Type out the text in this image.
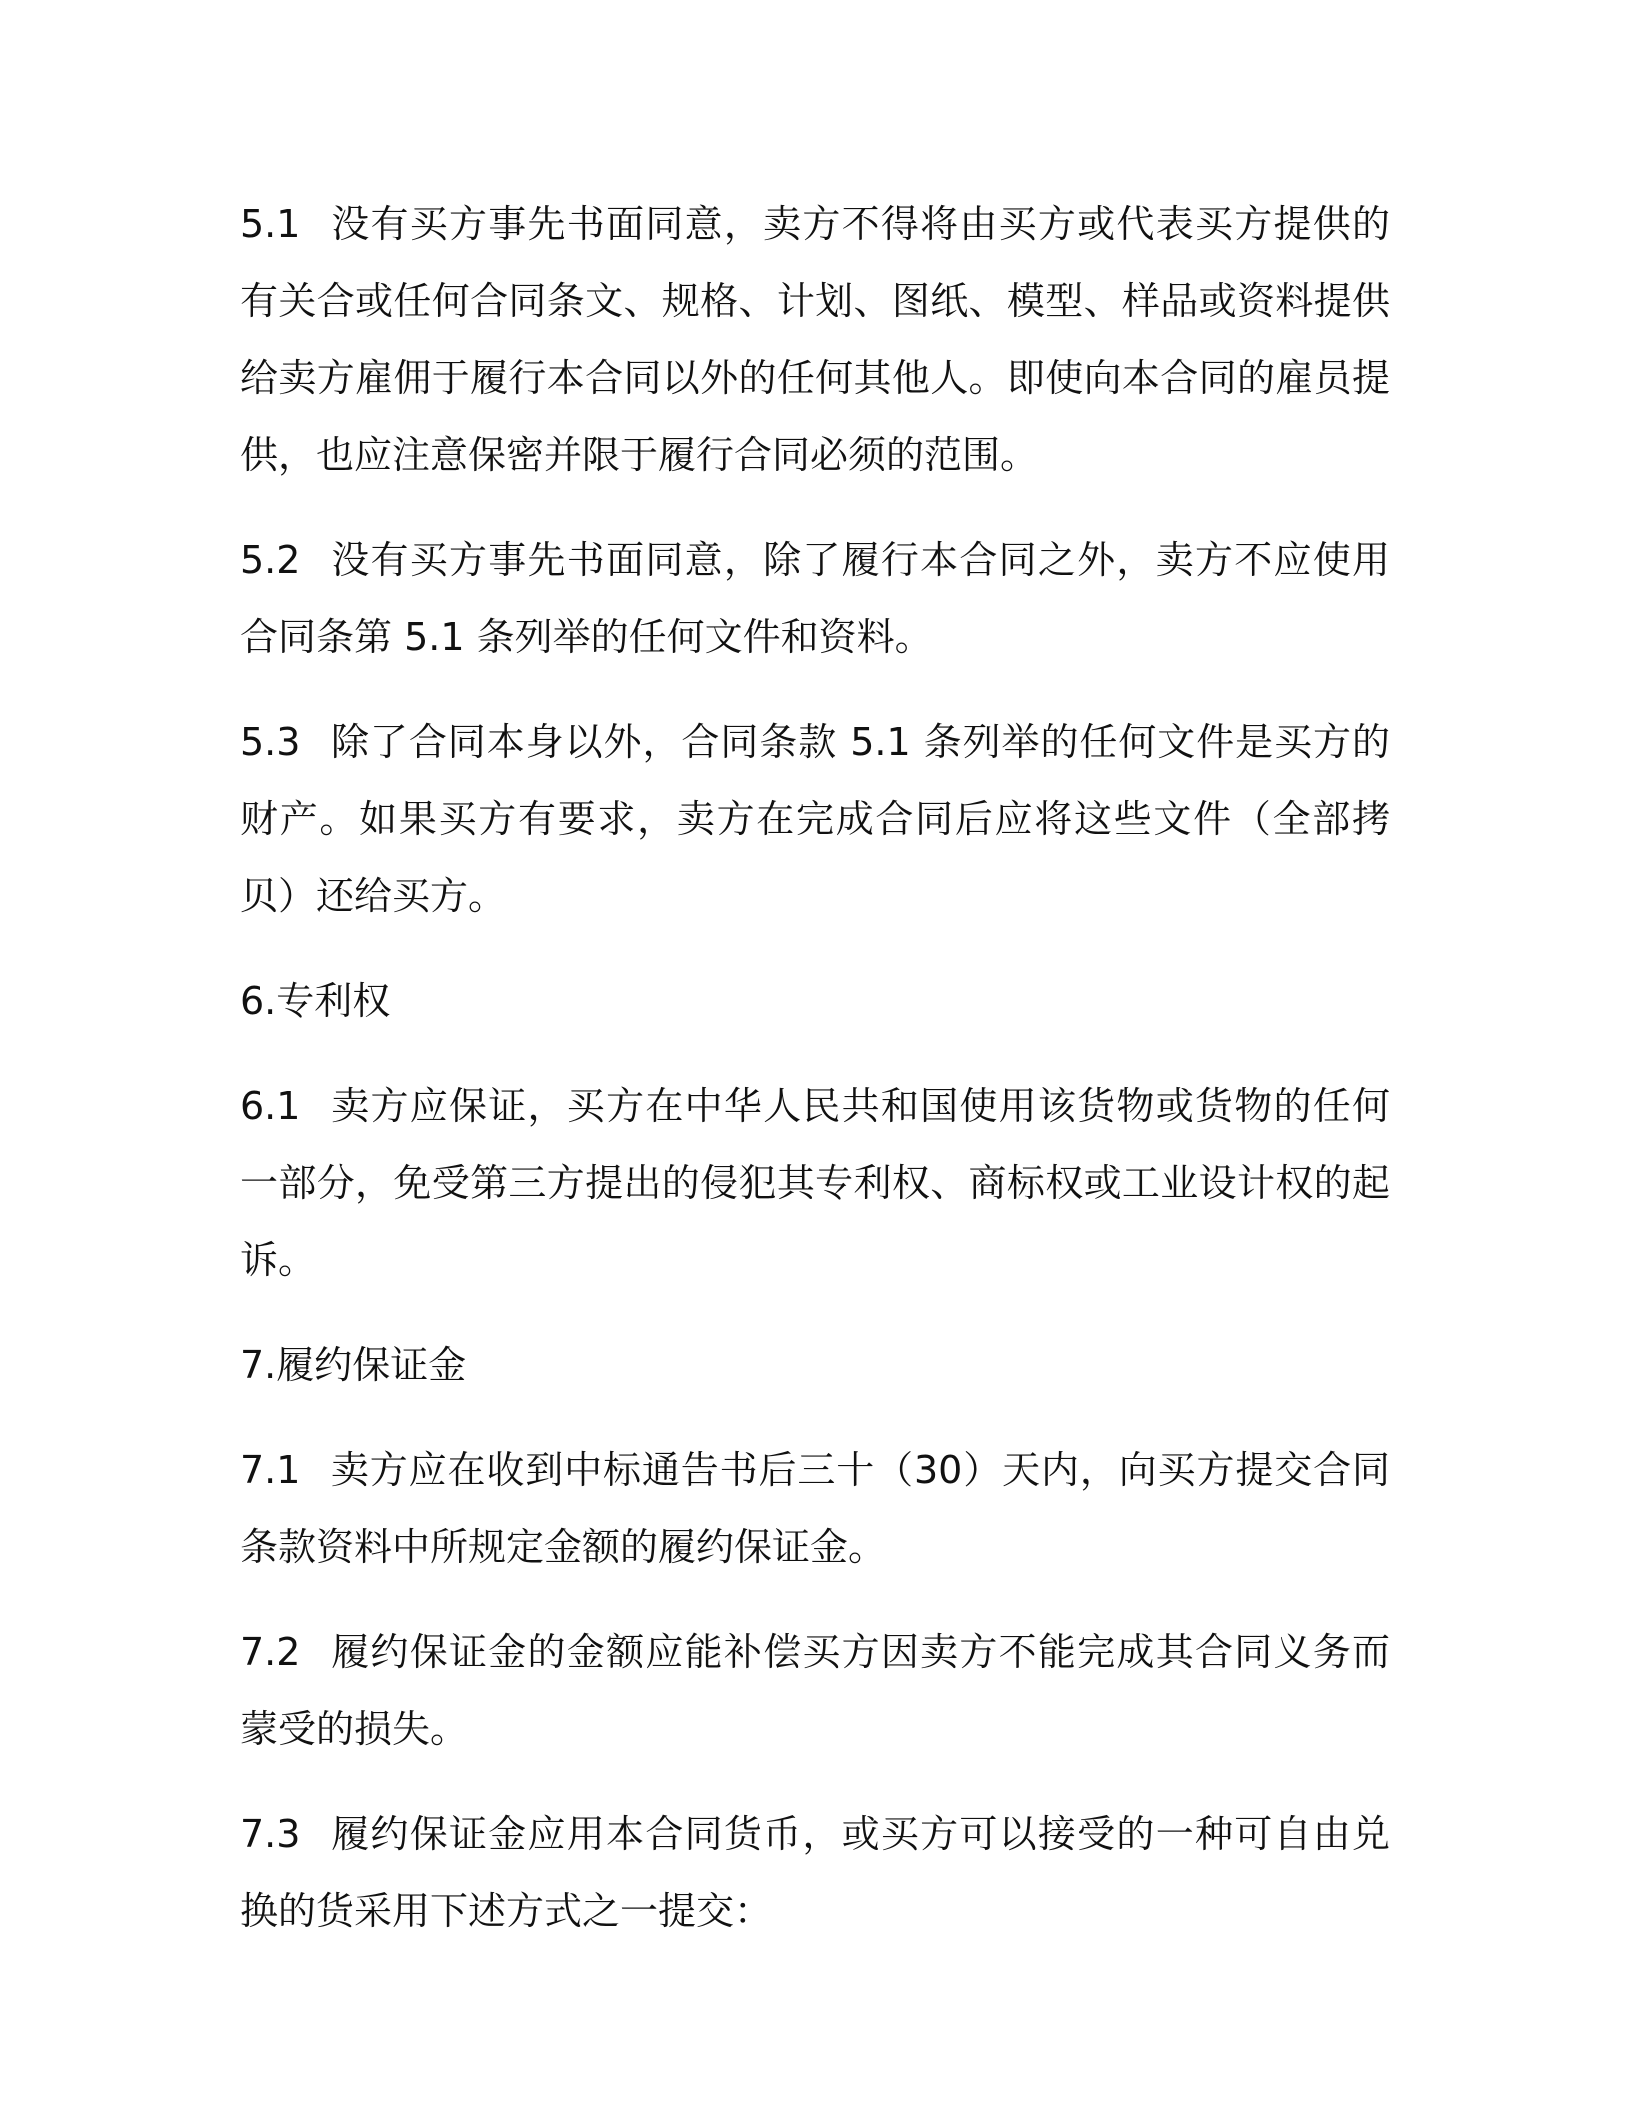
5.1 没有买方事先书面同意，卖方不得将由买方或代表买方提供的有关合或任何合同条文、规格、计划、图纸、模型、样品或资料提供给卖方雇佣于履行本合同以外的任何其他人。即使向本合同的雇员提供，也应注意保密并限于履行合同必须的范围。

5.2 没有买方事先书面同意，除了履行本合同之外，卖方不应使用合同条第 5.1 条列举的任何文件和资料。

5.3 除了合同本身以外，合同条款 5.1 条列举的任何文件是买方的财产。如果买方有要求，卖方在完成合同后应将这些文件（全部拷贝）还给买方。

6.专利权

6.1 卖方应保证，买方在中华人民共和国使用该货物或货物的任何一部分，免受第三方提出的侵犯其专利权、商标权或工业设计权的起诉。

7.履约保证金

7.1 卖方应在收到中标通告书后三十（30）天内，向买方提交合同条款资料中所规定金额的履约保证金。

7.2 履约保证金的金额应能补偿买方因卖方不能完成其合同义务而蒙受的损失。

7.3 履约保证金应用本合同货币，或买方可以接受的一种可自由兑换的货采用下述方式之一提交：
